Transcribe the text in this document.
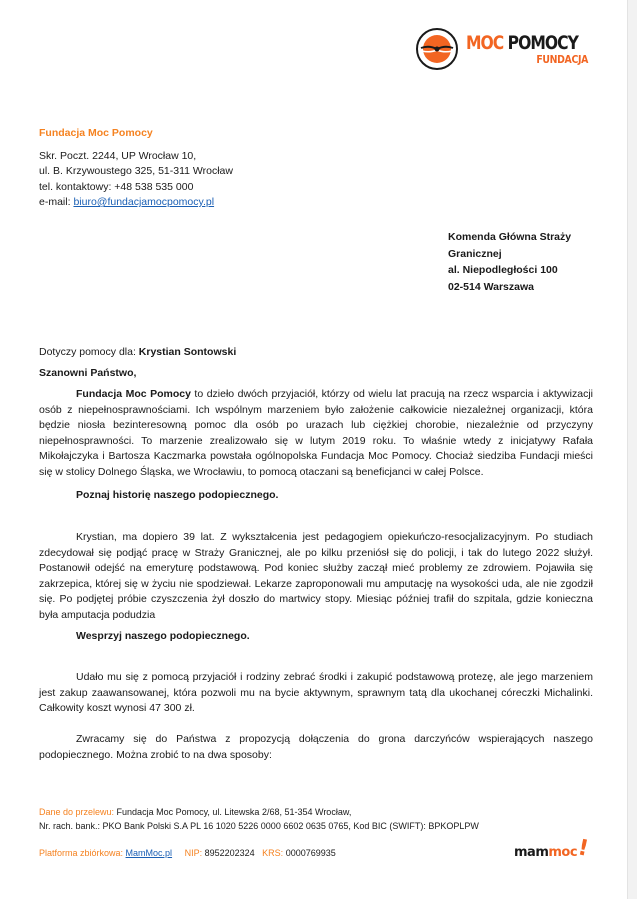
MOC POMOCY
FUNDACJA
Fundacja Moc Pomocy
Skr. Poczt. 2244, UP Wrocław 10,
ul. B. Krzywoustego 325, 51-311 Wrocław
tel. kontaktowy: +48 538 535 000
e-mail: biuro@fundacjamocpomocy.pl
Komenda Główna Straży
Granicznej
al. Niepodległości 100
02-514 Warszawa
Dotyczy pomocy dla: Krystian Sontowski
Szanowni Państwo,
Fundacja Moc Pomocy to dzieło dwóch przyjaciół, którzy od wielu lat pracują na rzecz wsparcia i aktywizacji osób z niepełnosprawnościami. Ich wspólnym marzeniem było założenie całkowicie niezależnej organizacji, która będzie niosła bezinteresowną pomoc dla osób po urazach lub ciężkiej chorobie, niezależnie od przyczyny niepełnosprawności. To marzenie zrealizowało się w lutym 2019 roku. To właśnie wtedy z inicjatywy Rafała Mikołajczyka i Bartosza Kaczmarka powstała ogólnopolska Fundacja Moc Pomocy. Chociaż siedziba Fundacji mieści się w stolicy Dolnego Śląska, we Wrocławiu, to pomocą otaczani są beneficjanci w całej Polsce.
Poznaj historię naszego podopiecznego.
Krystian, ma dopiero 39 lat. Z wykształcenia jest pedagogiem opiekuńczo-resocjalizacyjnym. Po studiach zdecydował się podjąć pracę w Straży Granicznej, ale po kilku przeniósł się do policji, i tak do lutego 2022 służył. Postanowił odejść na emeryturę podstawową. Pod koniec służby zaczął mieć problemy ze zdrowiem. Pojawiła się zakrzepica, której się w życiu nie spodziewał. Lekarze zaproponowali mu amputację na wysokości uda, ale nie zgodził się. Po podjętej próbie czyszczenia żył doszło do martwicy stopy. Miesiąc później trafił do szpitala, gdzie konieczna była amputacja podudzia
Wesprzyj naszego podopiecznego.
Udało mu się z pomocą przyjaciół i rodziny zebrać środki i zakupić podstawową protezę, ale jego marzeniem jest zakup zaawansowanej, która pozwoli mu na bycie aktywnym, sprawnym tatą dla ukochanej córeczki Michalinki. Całkowity koszt wynosi 47 300 zł.
Zwracamy się do Państwa z propozycją dołączenia do grona darczyńców wspierających naszego podopiecznego. Można zrobić to na dwa sposoby:
Dane do przelewu: Fundacja Moc Pomocy, ul. Litewska 2/68, 51-354 Wrocław,
Nr. rach. bank.: PKO Bank Polski S.A PL 16 1020 5226 0000 6602 0635 0765, Kod BIC (SWIFT): BPKOPLPW
Platforma zbiórkowa: MamMoc.pl NIP: 8952202324 KRS: 0000769935	mam moc
!
